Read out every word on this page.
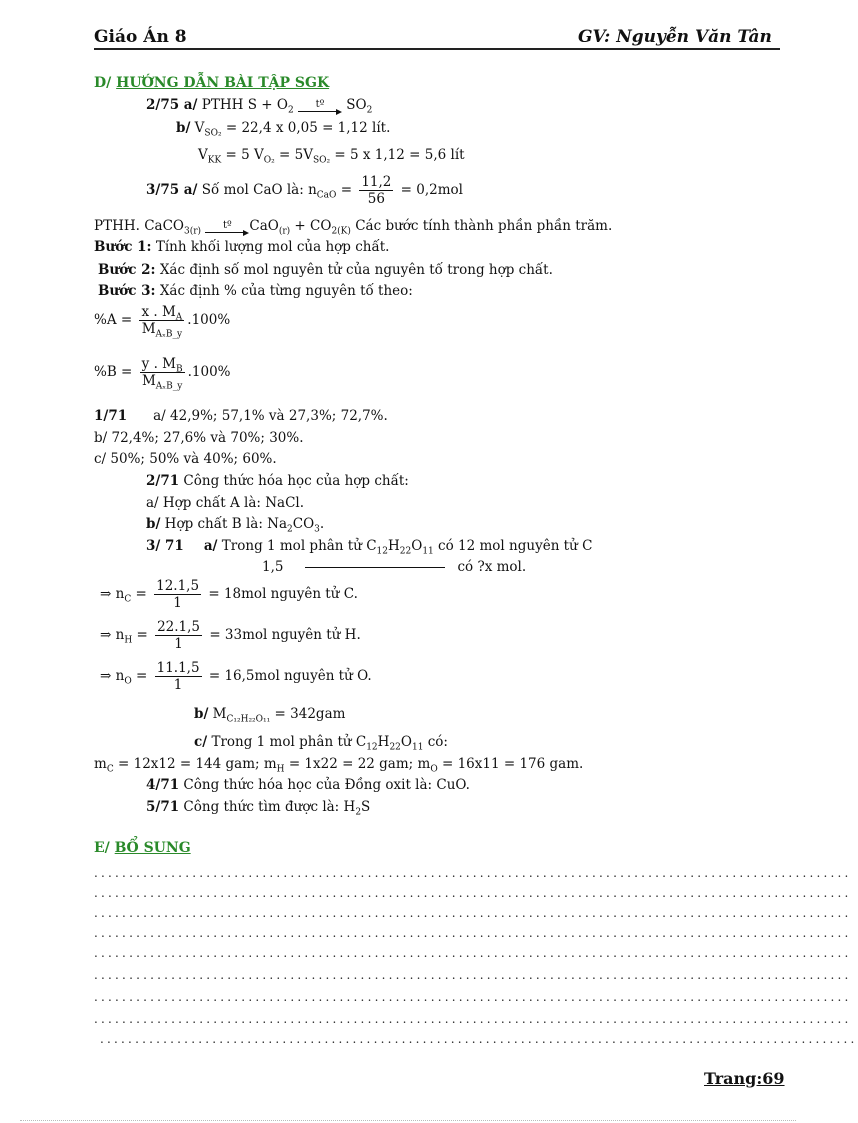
Giáo Án 8	GV: Nguyễn Văn Tân
D/ HƯỚNG DẪN BÀI TẬP SGK
2/75 a/ PTHH $S + O_2$ tº $SO_2$
b/ $V_{SO_2} = 22,4$ x 0,05 = 1,12 lít.
$V_{KK} = 5$ $V_{O_2} = 5V_{SO_2} = 5$ x 1,12 = 5,6 lít
3/75 a/ Số mol CaO là: $n_{CaO} = \frac{11,2}{56} = 0,2mol$
PTHH. CaCO$_{3(r)}$ tº $CaO_{(r)} + CO_{2(K)}$ Các bước tính thành phần phần trăm.
Bước 1: Tính khối lượng mol của hợp chất.
Bước 2: Xác định số mol nguyên tử của nguyên tố trong hợp chất.
Bước 3: Xác định % của từng nguyên tố theo:
$\%A = \frac{x . M_A}{M_{A_xB\_y}} .100\%$
$\%B = \frac{y . M_B}{M_{A_xB\_y}} .100\%$
1/71 a/ 42,9%; 57,1% và 27,3%; 72,7%.
b/ 72,4%; 27,6% và 70%; 30%.
c/ 50%; 50% và 40%; 60%.
2/71 Công thức hóa học của hợp chất:
a/ Hợp chất A là: NaCl.
b/ Hợp chất B là: $Na_2CO_3$.
3/ 71 a/ Trong 1 mol phân tử $C_{12}H_{22}O_{11}$ có 12 mol nguyên tử C
1,5	có ?x mol.
⇒ $n_C = \frac{12.1,5}{1} = 18mol$ nguyên tử C.
⇒ $n_H = \frac{22.1,5}{1} = 33mol$ nguyên tử H.
⇒ $n_O = \frac{11.1,5}{1} = 16,5mol$ nguyên tử O.
b/ $M_{C_{12}H_{22}O_{11}} = 342gam$
c/ Trong 1 mol phân tử $C_{12}H_{22}O_{11}$ có:
$m_C = 12x12 = 144$ gam; $m_H = 1x22 = 22$ gam; $m_O = 16x11 = 176$ gam.
4/71 Công thức hóa học của Đồng oxit là: CuO.
5/71 Công thức tìm được là: $H_2S$
E/ BỔ SUNG
............................................................................................................
............................................................................................................
............................................................................................................
............................................................................................................
............................................................................................................
............................................................................................................
............................................................................................................
............................................................................................................
............................................................................................................
Trang:69
